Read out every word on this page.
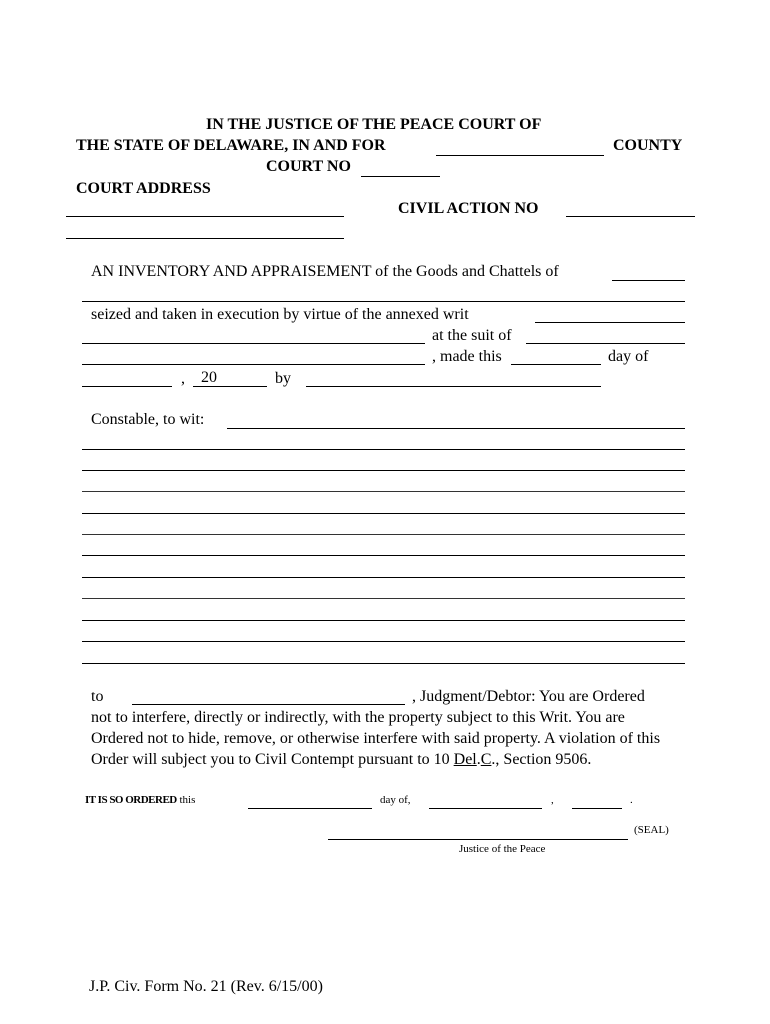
IN THE JUSTICE OF THE PEACE COURT OF
THE STATE OF DELAWARE, IN AND FOR	COUNTY
COURT NO
COURT ADDRESS
CIVIL ACTION NO
AN INVENTORY AND APPRAISEMENT of the Goods and Chattels of
seized and taken in execution by virtue of the annexed writ
at the suit of
, made this	day of
, 20	by
Constable, to wit:
to	, Judgment/Debtor: You are Ordered
not to interfere, directly or indirectly, with the property subject to this Writ. You are
Ordered not to hide, remove, or otherwise interfere with said property. A violation of this
Order will subject you to Civil Contempt pursuant to 10 Del.C., Section 9506.
IT IS SO ORDERED this	day of,	,	.
(SEAL)
Justice of the Peace
J.P. Civ. Form No. 21 (Rev. 6/15/00)
